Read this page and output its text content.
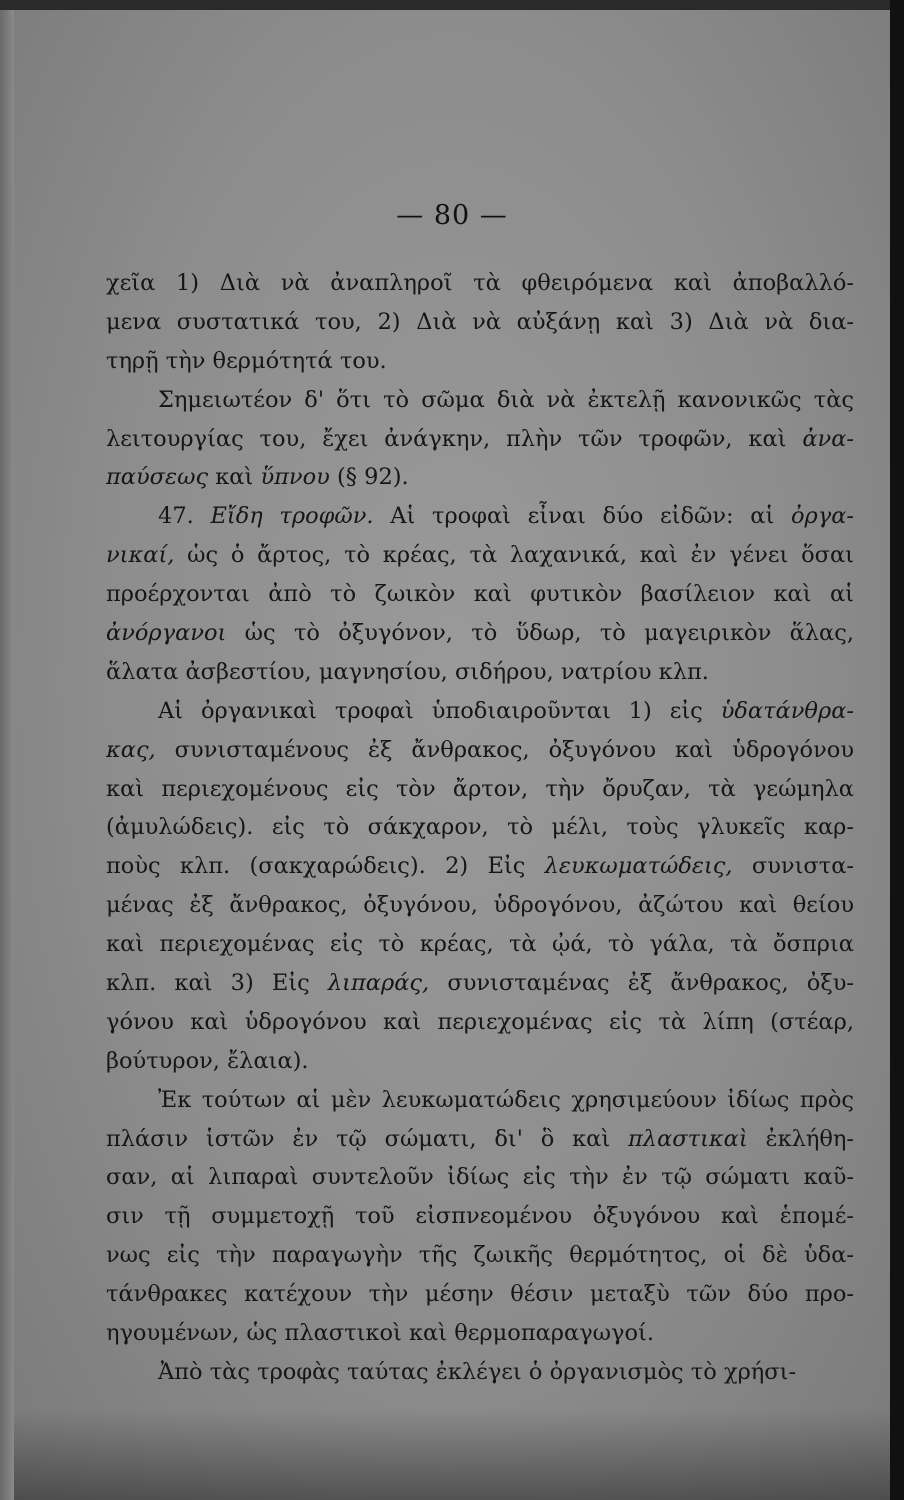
— 80 —
χεῖα 1) Διὰ νὰ ἀναπληροῖ τὰ φθειρόμενα καὶ ἀποβαλλό-
μενα συστατικά του, 2) Διὰ νὰ αὐξάνῃ καὶ 3) Διὰ νὰ δια-
τηρῇ τὴν θερμότητά του.
Σημειωτέον δ' ὅτι τὸ σῶμα διὰ νὰ ἐκτελῇ κανονικῶς τὰς
λειτουργίας του, ἔχει ἀνάγκην, πλὴν τῶν τροφῶν, καὶ ἀνα-
παύσεως καὶ ὕπνου (§ 92).
47. Εἴδη τροφῶν. Αἱ τροφαὶ εἶναι δύο εἰδῶν: αἱ ὀργα-
νικαί, ὡς ὁ ἄρτος, τὸ κρέας, τὰ λαχανικά, καὶ ἐν γένει ὅσαι
προέρχονται ἀπὸ τὸ ζωικὸν καὶ φυτικὸν βασίλειον καὶ αἱ
ἀνόργανοι ὡς τὸ ὀξυγόνον, τὸ ὕδωρ, τὸ μαγειρικὸν ἅλας,
ἅλατα ἀσβεστίου, μαγνησίου, σιδήρου, νατρίου κλπ.
Αἱ ὀργανικαὶ τροφαὶ ὑποδιαιροῦνται 1) εἰς ὑδατάνθρα-
κας, συνισταμένους ἐξ ἄνθρακος, ὀξυγόνου καὶ ὑδρογόνου
καὶ περιεχομένους εἰς τὸν ἄρτον, τὴν ὄρυζαν, τὰ γεώμηλα
(ἀμυλώδεις). εἰς τὸ σάκχαρον, τὸ μέλι, τοὺς γλυκεῖς καρ-
ποὺς κλπ. (σακχαρώδεις). 2) Εἰς λευκωματώδεις, συνιστα-
μένας ἐξ ἄνθρακος, ὀξυγόνου, ὑδρογόνου, ἀζώτου καὶ θείου
καὶ περιεχομένας εἰς τὸ κρέας, τὰ ᾠά, τὸ γάλα, τὰ ὄσπρια
κλπ. καὶ 3) Εἰς λιπαράς, συνισταμένας ἐξ ἄνθρακος, ὀξυ-
γόνου καὶ ὑδρογόνου καὶ περιεχομένας εἰς τὰ λίπη (στέαρ,
βούτυρον, ἔλαια).
Ἐκ τούτων αἱ μὲν λευκωματώδεις χρησιμεύουν ἰδίως πρὸς
πλάσιν ἱστῶν ἐν τῷ σώματι, δι' ὃ καὶ πλαστικαὶ ἐκλήθη-
σαν, αἱ λιπαραὶ συντελοῦν ἰδίως εἰς τὴν ἐν τῷ σώματι καῦ-
σιν τῇ συμμετοχῇ τοῦ εἰσπνεομένου ὀξυγόνου καὶ ἑπομέ-
νως εἰς τὴν παραγωγὴν τῆς ζωικῆς θερμότητος, οἱ δὲ ὑδα-
τάνθρακες κατέχουν τὴν μέσην θέσιν μεταξὺ τῶν δύο προ-
ηγουμένων, ὡς πλαστικοὶ καὶ θερμοπαραγωγοί.
Ἀπὸ τὰς τροφὰς ταύτας ἐκλέγει ὁ ὀργανισμὸς τὸ χρήσι-
